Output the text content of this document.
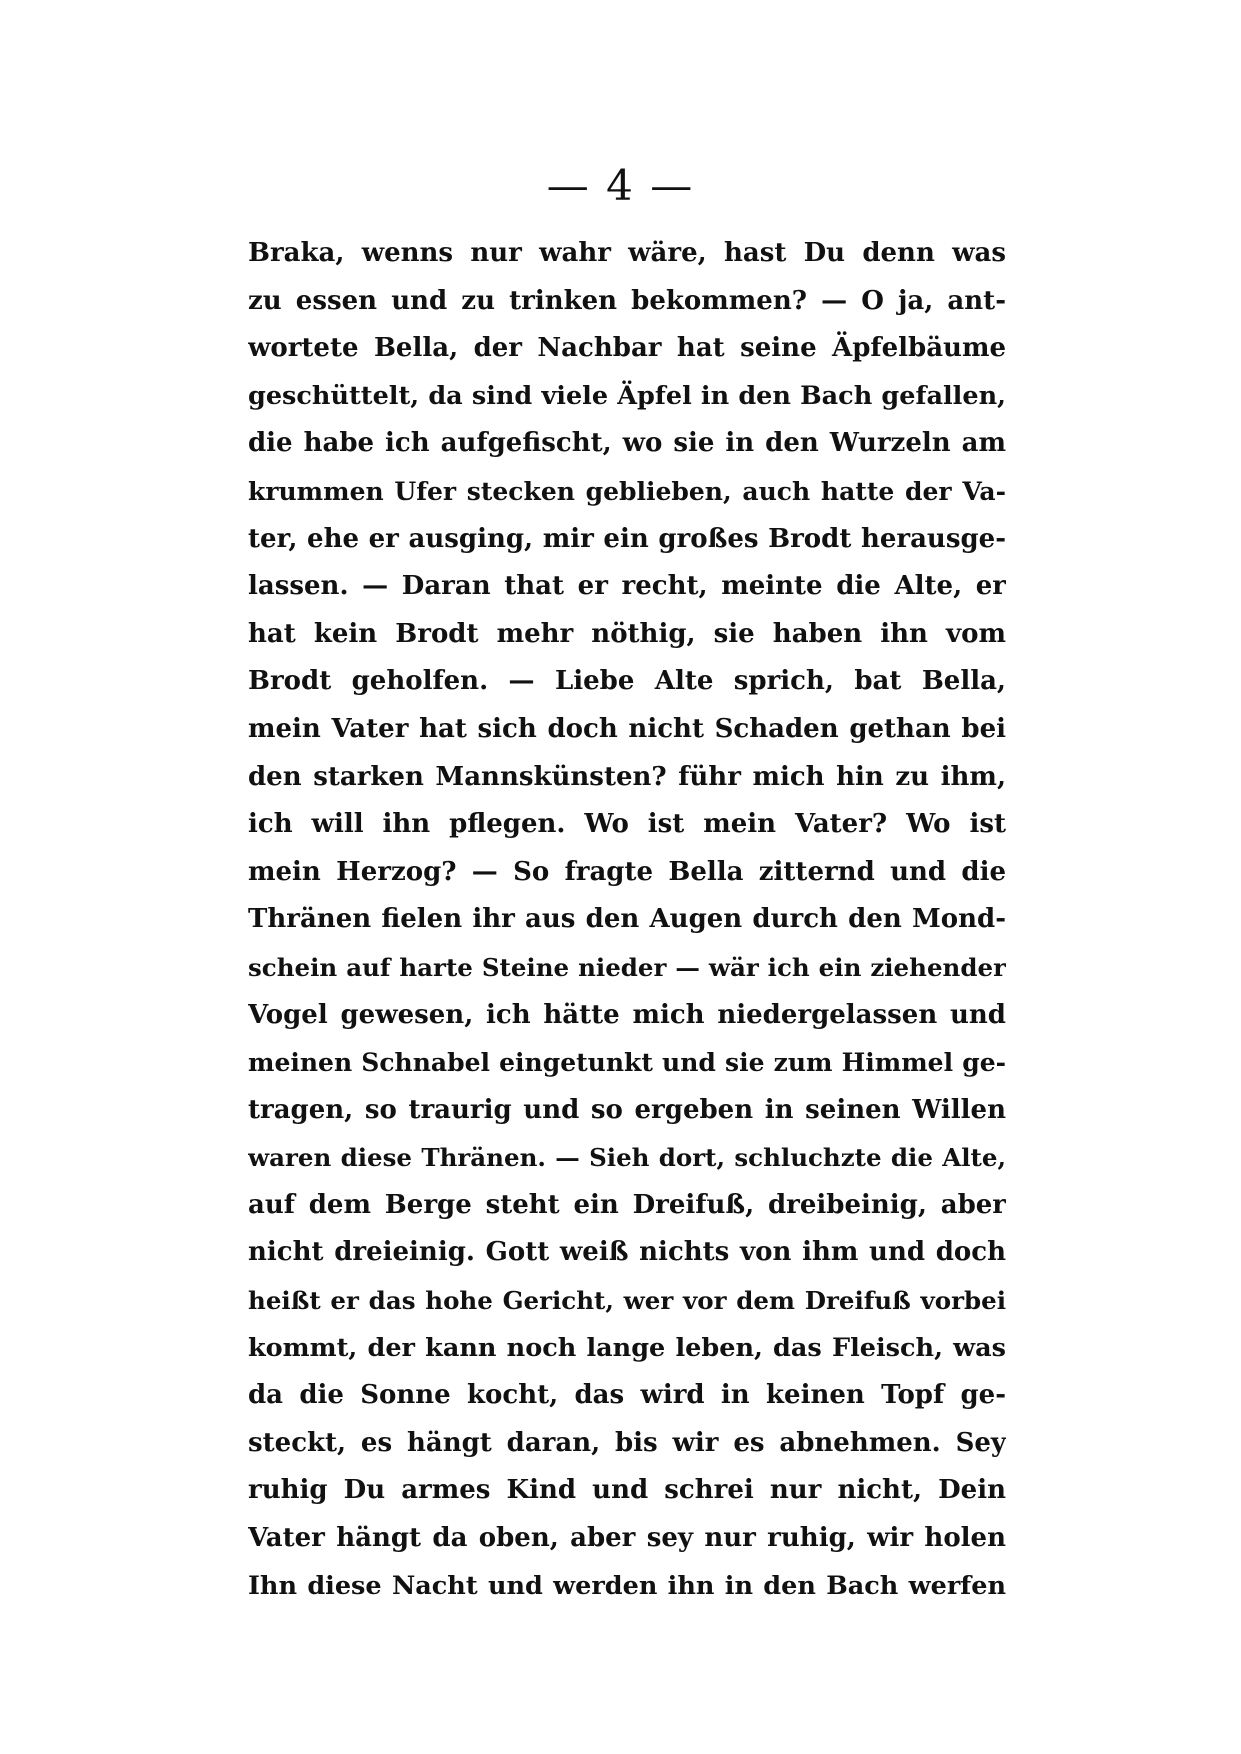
— 4 —
Braka, wenns nur wahr wäre, hast Du denn was
zu essen und zu trinken bekommen? — O ja, ant-
wortete Bella, der Nachbar hat seine Äpfelbäume
geschüttelt, da sind viele Äpfel in den Bach gefallen,
die habe ich aufgefischt, wo sie in den Wurzeln am
krummen Ufer stecken geblieben, auch hatte der Va-
ter, ehe er ausging, mir ein großes Brodt herausge-
lassen. — Daran that er recht, meinte die Alte, er
hat kein Brodt mehr nöthig, sie haben ihn vom
Brodt geholfen. — Liebe Alte sprich, bat Bella,
mein Vater hat sich doch nicht Schaden gethan bei
den starken Mannskünsten? führ mich hin zu ihm,
ich will ihn pflegen. Wo ist mein Vater? Wo ist
mein Herzog? — So fragte Bella zitternd und die
Thränen fielen ihr aus den Augen durch den Mond-
schein auf harte Steine nieder — wär ich ein ziehender
Vogel gewesen, ich hätte mich niedergelassen und
meinen Schnabel eingetunkt und sie zum Himmel ge-
tragen, so traurig und so ergeben in seinen Willen
waren diese Thränen. — Sieh dort, schluchzte die Alte,
auf dem Berge steht ein Dreifuß, dreibeinig, aber
nicht dreieinig. Gott weiß nichts von ihm und doch
heißt er das hohe Gericht, wer vor dem Dreifuß vorbei
kommt, der kann noch lange leben, das Fleisch, was
da die Sonne kocht, das wird in keinen Topf ge-
steckt, es hängt daran, bis wir es abnehmen. Sey
ruhig Du armes Kind und schrei nur nicht, Dein
Vater hängt da oben, aber sey nur ruhig, wir holen
Ihn diese Nacht und werden ihn in den Bach werfen
